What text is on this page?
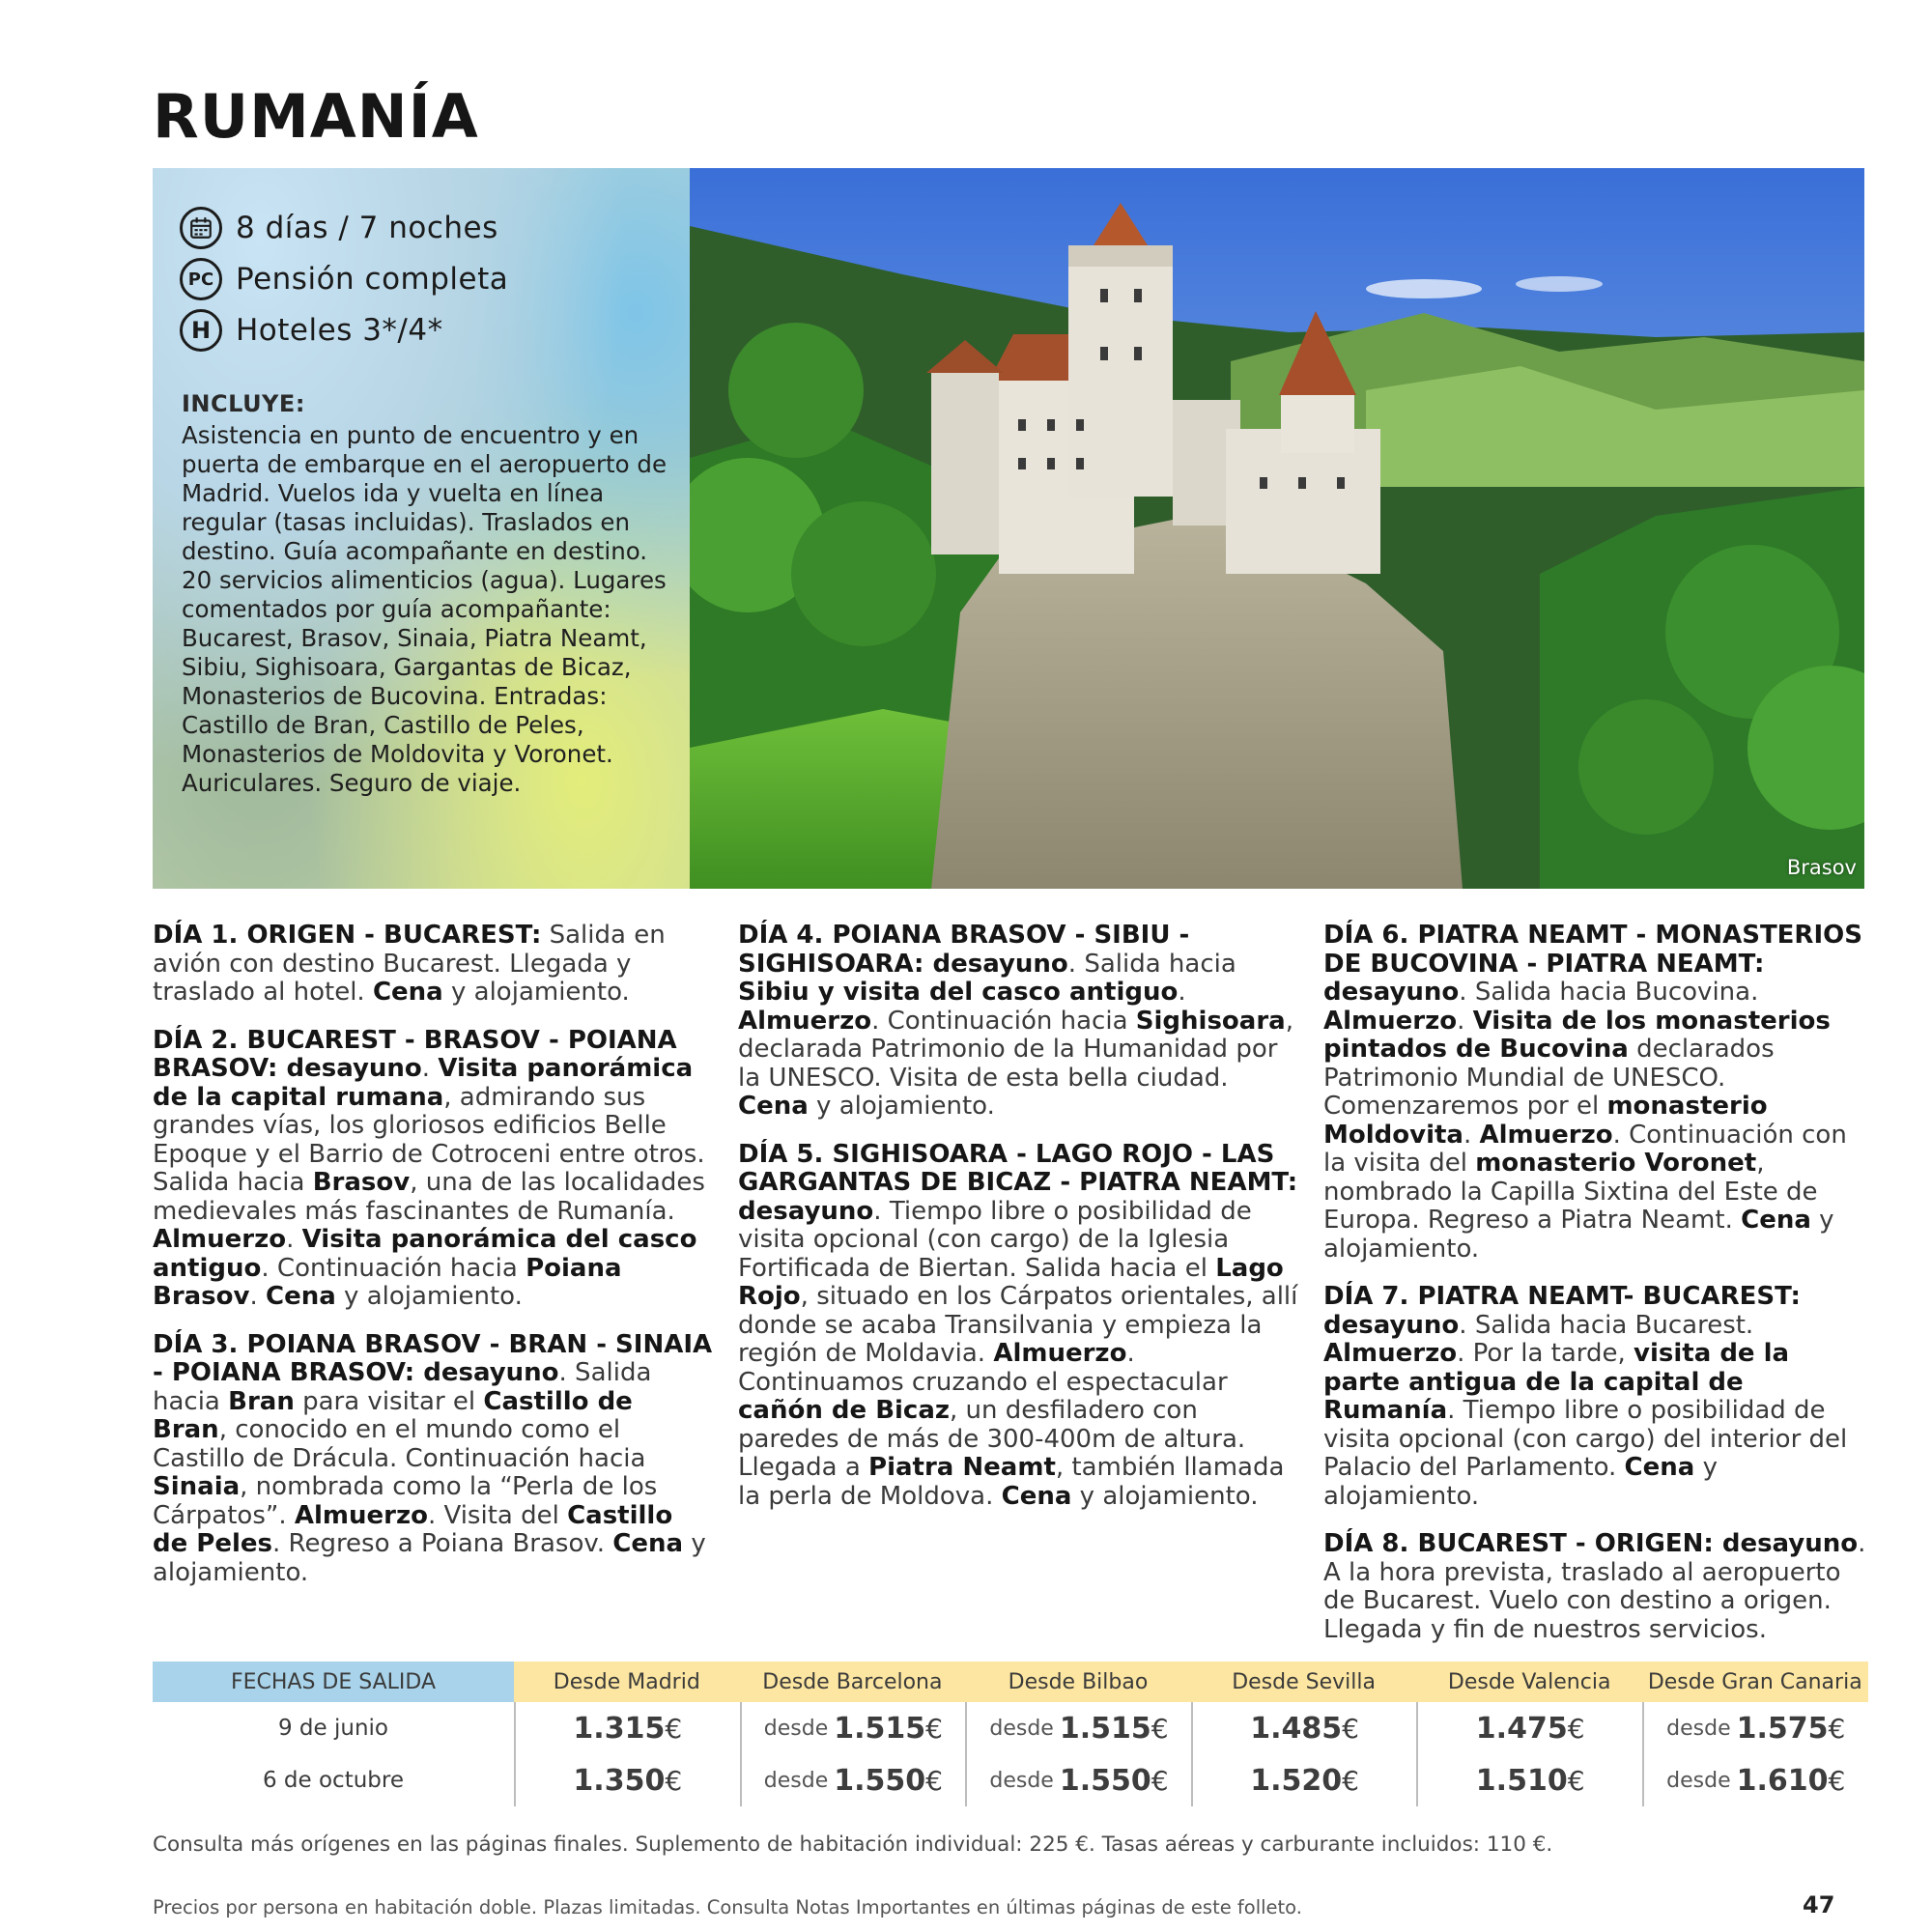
RUMANÍA
8 días / 7 noches
PC Pensión completa
H Hoteles 3*/4*
INCLUYE:
Asistencia en punto de encuentro y en puerta de embarque en el aeropuerto de Madrid. Vuelos ida y vuelta en línea regular (tasas incluidas). Traslados en destino. Guía acompañante en destino. 20 servicios alimenticios (agua). Lugares comentados por guía acompañante: Bucarest, Brasov, Sinaia, Piatra Neamt, Sibiu, Sighisoara, Gargantas de Bicaz, Monasterios de Bucovina. Entradas: Castillo de Bran, Castillo de Peles, Monasterios de Moldovita y Voronet. Auriculares. Seguro de viaje.
Brasov

DÍA 1. ORIGEN - BUCAREST: Salida en avión con destino Bucarest. Llegada y traslado al hotel. Cena y alojamiento.

DÍA 2. BUCAREST - BRASOV - POIANA BRASOV: desayuno. Visita panorámica de la capital rumana, admirando sus grandes vías, los gloriosos edificios Belle Epoque y el Barrio de Cotroceni entre otros. Salida hacia Brasov, una de las localidades medievales más fascinantes de Rumanía. Almuerzo. Visita panorámica del casco antiguo. Continuación hacia Poiana Brasov. Cena y alojamiento.

DÍA 3. POIANA BRASOV - BRAN - SINAIA - POIANA BRASOV: desayuno. Salida hacia Bran para visitar el Castillo de Bran, conocido en el mundo como el Castillo de Drácula. Continuación hacia Sinaia, nombrada como la “Perla de los Cárpatos”. Almuerzo. Visita del Castillo de Peles. Regreso a Poiana Brasov. Cena y alojamiento.

DÍA 4. POIANA BRASOV - SIBIU - SIGHISOARA: desayuno. Salida hacia Sibiu y visita del casco antiguo. Almuerzo. Continuación hacia Sighisoara, declarada Patrimonio de la Humanidad por la UNESCO. Visita de esta bella ciudad. Cena y alojamiento.

DÍA 5. SIGHISOARA - LAGO ROJO - LAS GARGANTAS DE BICAZ - PIATRA NEAMT: desayuno. Tiempo libre o posibilidad de visita opcional (con cargo) de la Iglesia Fortificada de Biertan. Salida hacia el Lago Rojo, situado en los Cárpatos orientales, allí donde se acaba Transilvania y empieza la región de Moldavia. Almuerzo. Continuamos cruzando el espectacular cañón de Bicaz, un desfiladero con paredes de más de 300-400m de altura. Llegada a Piatra Neamt, también llamada la perla de Moldova. Cena y alojamiento.

DÍA 6. PIATRA NEAMT - MONASTERIOS DE BUCOVINA - PIATRA NEAMT: desayuno. Salida hacia Bucovina. Almuerzo. Visita de los monasterios pintados de Bucovina declarados Patrimonio Mundial de UNESCO. Comenzaremos por el monasterio Moldovita. Almuerzo. Continuación con la visita del monasterio Voronet, nombrado la Capilla Sixtina del Este de Europa. Regreso a Piatra Neamt. Cena y alojamiento.

DÍA 7. PIATRA NEAMT- BUCAREST: desayuno. Salida hacia Bucarest. Almuerzo. Por la tarde, visita de la parte antigua de la capital de Rumanía. Tiempo libre o posibilidad de visita opcional (con cargo) del interior del Palacio del Parlamento. Cena y alojamiento.

DÍA 8. BUCAREST - ORIGEN: desayuno. A la hora prevista, traslado al aeropuerto de Bucarest. Vuelo con destino a origen. Llegada y fin de nuestros servicios.

FECHAS DE SALIDA	Desde Madrid	Desde Barcelona	Desde Bilbao	Desde Sevilla	Desde Valencia	Desde Gran Canaria
9 de junio	1.315 €	desde 1.515 € desde 1.515 €	1.485 €	1.475 €	desde 1.575 €
6 de octubre	1.350 €	desde 1.550 € desde 1.550 €	1.520 €	1.510 €	desde 1.610 €
Consulta más orígenes en las páginas finales. Suplemento de habitación individual: 225 €. Tasas aéreas y carburante incluidos: 110 €.
Precios por persona en habitación doble. Plazas limitadas. Consulta Notas Importantes en últimas páginas de este folleto.	47
